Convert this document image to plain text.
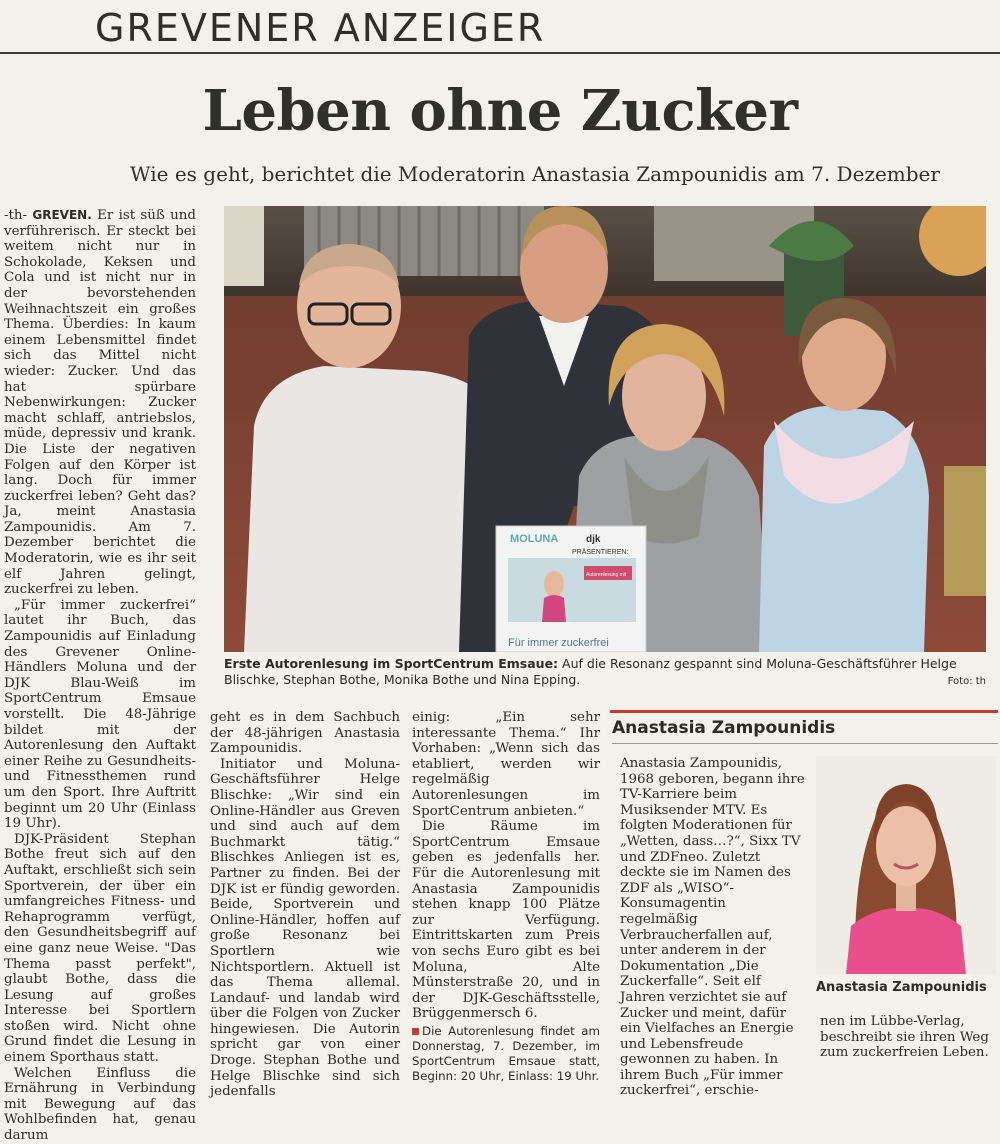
GREVENER ANZEIGER
Leben ohne Zucker
Wie es geht, berichtet die Moderatorin Anastasia Zampounidis am 7. Dezember

-th- GREVEN. Er ist süß und verführerisch. Er steckt bei weitem nicht nur in Schokolade, Keksen und Cola und ist nicht nur in der bevorstehenden Weihnachtszeit ein großes Thema. Überdies: In kaum einem Lebensmittel findet sich das Mittel nicht wieder: Zucker. Und das hat spürbare Nebenwirkungen: Zucker macht schlaff, antriebslos, müde, depressiv und krank. Die Liste der negativen Folgen auf den Körper ist lang. Doch für immer zuckerfrei leben? Geht das? Ja, meint Anastasia Zampounidis. Am 7. Dezember berichtet die Moderatorin, wie es ihr seit elf Jahren gelingt, zuckerfrei zu leben.

„Für immer zuckerfrei“ lautet ihr Buch, das Zampounidis auf Einladung des Grevener Online-Händlers Moluna und der DJK Blau-Weiß im SportCentrum Emsaue vorstellt. Die 48-Jährige bildet mit der Autorenlesung den Auftakt einer Reihe zu Gesundheits- und Fitnessthemen rund um den Sport. Ihre Auftritt beginnt um 20 Uhr (Einlass 19 Uhr).

DJK-Präsident Stephan Bothe freut sich auf den Auftakt, erschließt sich sein Sportverein, der über ein umfangreiches Fitness- und Rehaprogramm verfügt, den Gesundheitsbegriff auf eine ganz neue Weise. "Das Thema passt perfekt", glaubt Bothe, dass die Lesung auf großes Interesse bei Sportlern stoßen wird. Nicht ohne Grund findet die Lesung in einem Sporthaus statt.

Welchen Einfluss die Ernährung in Verbindung mit Bewegung auf das Wohlbefinden hat, genau darum

MOLUNA	djk
PRÄSENTIEREN:
Autorenlesung mit
Für immer zuckerfrei
Erste Autorenlesung im SportCentrum Emsaue: Auf die Resonanz gespannt sind Moluna-Geschäftsführer Helge Blischke, Stephan Bothe, Monika Bothe und Nina Epping.	Foto: th

geht es in dem Sachbuch der 48-jährigen Anastasia Zampounidis.

Initiator und Moluna-Geschäftsführer Helge Blischke: „Wir sind ein Online-Händler aus Greven und sind auch auf dem Buchmarkt tätig.“ Blischkes Anliegen ist es, Partner zu finden. Bei der DJK ist er fündig geworden. Beide, Sportverein und Online-Händler, hoffen auf große Resonanz bei Sportlern wie Nichtsportlern. Aktuell ist das Thema allemal. Landauf- und landab wird über die Folgen von Zucker hingewiesen. Die Autorin spricht gar von einer Droge. Stephan Bothe und Helge Blischke sind sich jedenfalls

einig: „Ein sehr interessante Thema.“ Ihr Vorhaben: „Wenn sich das etabliert, werden wir regelmäßig Autorenlesungen im SportCentrum anbieten.“

Die Räume im SportCentrum Emsaue geben es jedenfalls her. Für die Autorenlesung mit Anastasia Zampounidis stehen knapp 100 Plätze zur Verfügung. Eintrittskarten zum Preis von sechs Euro gibt es bei Moluna, Alte Münsterstraße 20, und in der DJK-Geschäftsstelle, Brüggenmersch 6.

Die Autorenlesung findet am Donnerstag, 7. Dezember, im SportCentrum Emsaue statt, Beginn: 20 Uhr, Einlass: 19 Uhr.
Anastasia Zampounidis
Anastasia Zampounidis, 1968 geboren, begann ihre TV-Karriere beim Musiksender MTV. Es folgten Moderationen für „Wetten, dass…?“, Sixx TV und ZDFneo. Zuletzt deckte sie im Namen des ZDF als „WISO“-Konsumagentin regelmäßig Verbraucherfallen auf, unter anderem in der Dokumentation „Die Zuckerfalle“. Seit elf Jahren verzichtet sie auf Zucker und meint, dafür ein Vielfaches an Energie und Lebensfreude gewonnen zu haben. In ihrem Buch „Für immer zuckerfrei“, erschie-
Anastasia Zampounidis
nen im Lübbe-Verlag, beschreibt sie ihren Weg zum zuckerfreien Leben.
